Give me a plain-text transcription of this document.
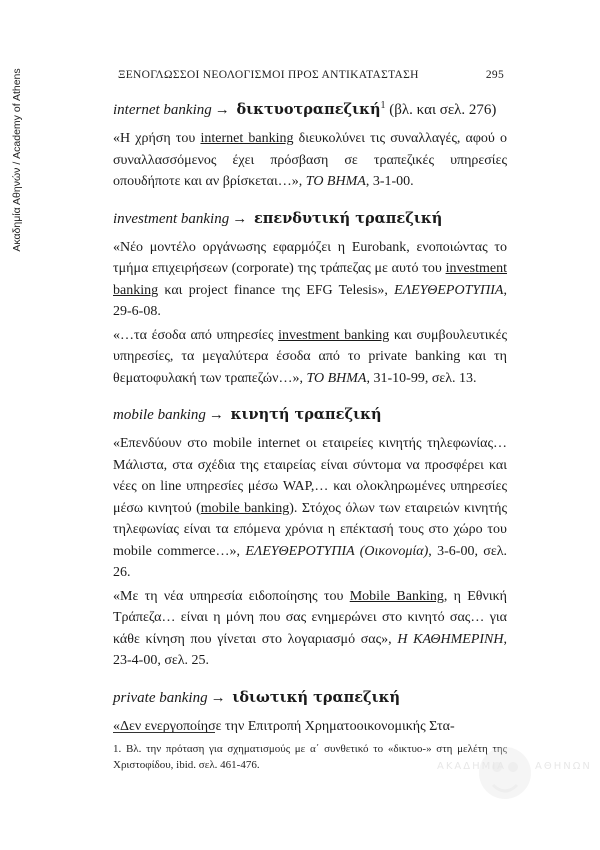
Ακαδημία Αθηνών / Academy of Athens	ΞΕΝΟΓΛΩΣΣΟΙ ΝΕΟΛΟΓΙΣΜΟΙ ΠΡΟΣ ΑΝΤΙΚΑΤΑΣΤΑΣΗ	295

internet banking → δικτυοτραπεζική$^1$ (βλ. και σελ. 276)

«Η χρήση του internet banking διευκολύνει τις συναλλαγές, αφού ο συναλλασσόμενος έχει πρόσβαση σε τραπεζικές υπηρεσίες οπουδήποτε και αν βρίσκεται…», ΤΟ ΒΗΜΑ, 3-1-00.

investment banking → επενδυτική τραπεζική

«Νέο μοντέλο οργάνωσης εφαρμόζει η Eurobank, ενοποιώντας το τμήμα επιχειρήσεων (corporate) της τράπεζας με αυτό του investment banking και project finance της EFG Telesis», ΕΛΕΥΘΕΡΟΤΥΠΙΑ, 29-6-08.

«…τα έσοδα από υπηρεσίες investment banking και συμβουλευτικές υπηρεσίες, τα μεγαλύτερα έσοδα από το private banking και τη θεματοφυλακή των τραπεζών…», ΤΟ ΒΗΜΑ, 31-10-99, σελ. 13.

mobile banking → κινητή τραπεζική

«Επενδύουν στο mobile internet οι εταιρείες κινητής τηλεφωνίας… Μάλιστα, στα σχέδια της εταιρείας είναι σύντομα να προσφέρει και νέες on line υπηρεσίες μέσω WAP,… και ολοκληρωμένες υπηρεσίες μέσω κινητού (mobile banking). Στόχος όλων των εταιρειών κινητής τηλεφωνίας είναι τα επόμενα χρόνια η επέκτασή τους στο χώρο του mobile commerce…», ΕΛΕΥΘΕΡΟΤΥΠΙΑ (Οικονομία), 3-6-00, σελ. 26.

«Με τη νέα υπηρεσία ειδοποίησης του Mobile Banking, η Εθνική Τράπεζα… είναι η μόνη που σας ενημερώνει στο κινητό σας… για κάθε κίνηση που γίνεται στο λογαριασμό σας», Η ΚΑΘΗΜΕΡΙΝΗ, 23-4-00, σελ. 25.

private banking → ιδιωτική τραπεζική

«Δεν ενεργοποίησε την Επιτροπή Χρηματοοικονομικής Στα-

1. Βλ. την πρόταση για σχηματισμούς με α΄ συνθετικό το «δικτυο-» στη μελέτη της Χριστοφίδου, ibid. σελ. 461-476.	ΑΚΑΔΗΜΙΑ	ΑΘΗΝΩΝ
